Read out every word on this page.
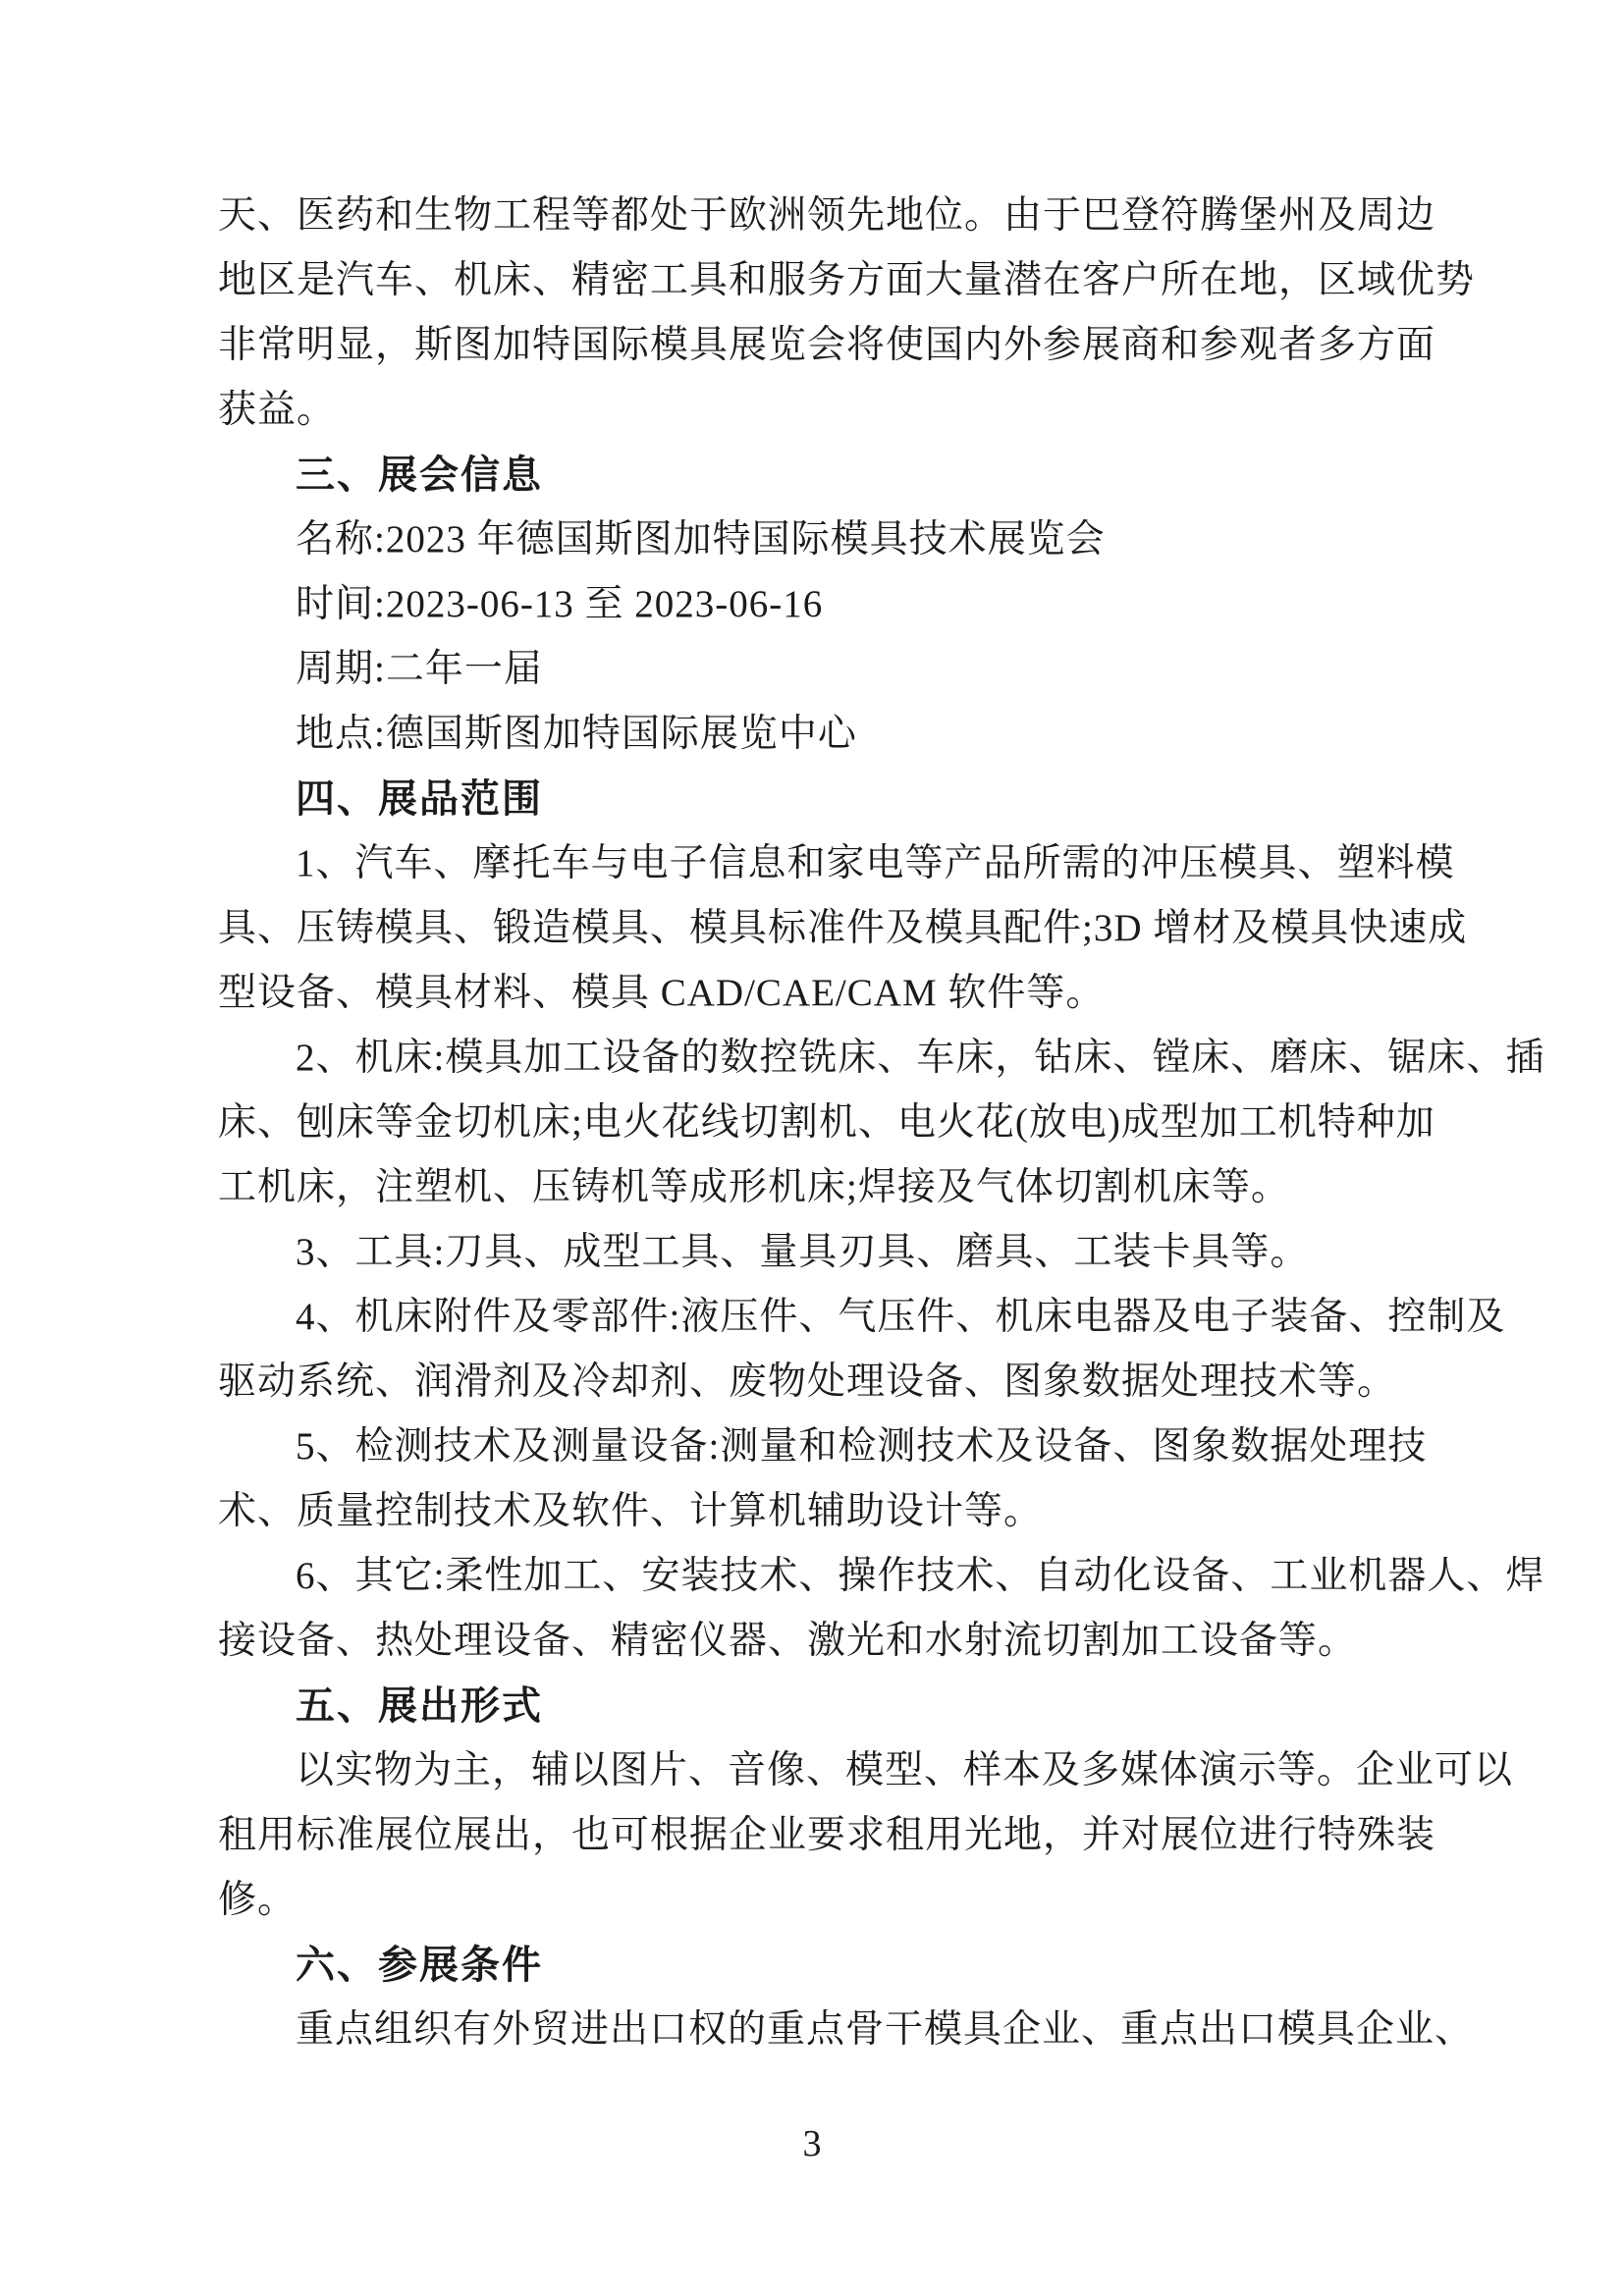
天、医药和生物工程等都处于欧洲领先地位。由于巴登符腾堡州及周边
地区是汽车、机床、精密工具和服务方面大量潜在客户所在地，区域优势
非常明显，斯图加特国际模具展览会将使国内外参展商和参观者多方面
获益。
三、展会信息
名称:2023 年德国斯图加特国际模具技术展览会
时间:2023-06-13 至 2023-06-16
周期:二年一届
地点:德国斯图加特国际展览中心
四、展品范围
1、汽车、摩托车与电子信息和家电等产品所需的冲压模具、塑料模
具、压铸模具、锻造模具、模具标准件及模具配件;3D 增材及模具快速成
型设备、模具材料、模具 CAD/CAE/CAM 软件等。
2、机床:模具加工设备的数控铣床、车床，钻床、镗床、磨床、锯床、插
床、刨床等金切机床;电火花线切割机、电火花(放电)成型加工机特种加
工机床，注塑机、压铸机等成形机床;焊接及气体切割机床等。
3、工具:刀具、成型工具、量具刃具、磨具、工装卡具等。
4、机床附件及零部件:液压件、气压件、机床电器及电子装备、控制及
驱动系统、润滑剂及冷却剂、废物处理设备、图象数据处理技术等。
5、检测技术及测量设备:测量和检测技术及设备、图象数据处理技
术、质量控制技术及软件、计算机辅助设计等。
6、其它:柔性加工、安装技术、操作技术、自动化设备、工业机器人、焊
接设备、热处理设备、精密仪器、激光和水射流切割加工设备等。
五、展出形式
以实物为主，辅以图片、音像、模型、样本及多媒体演示等。企业可以
租用标准展位展出，也可根据企业要求租用光地，并对展位进行特殊装
修。
六、参展条件
重点组织有外贸进出口权的重点骨干模具企业、重点出口模具企业、
3
